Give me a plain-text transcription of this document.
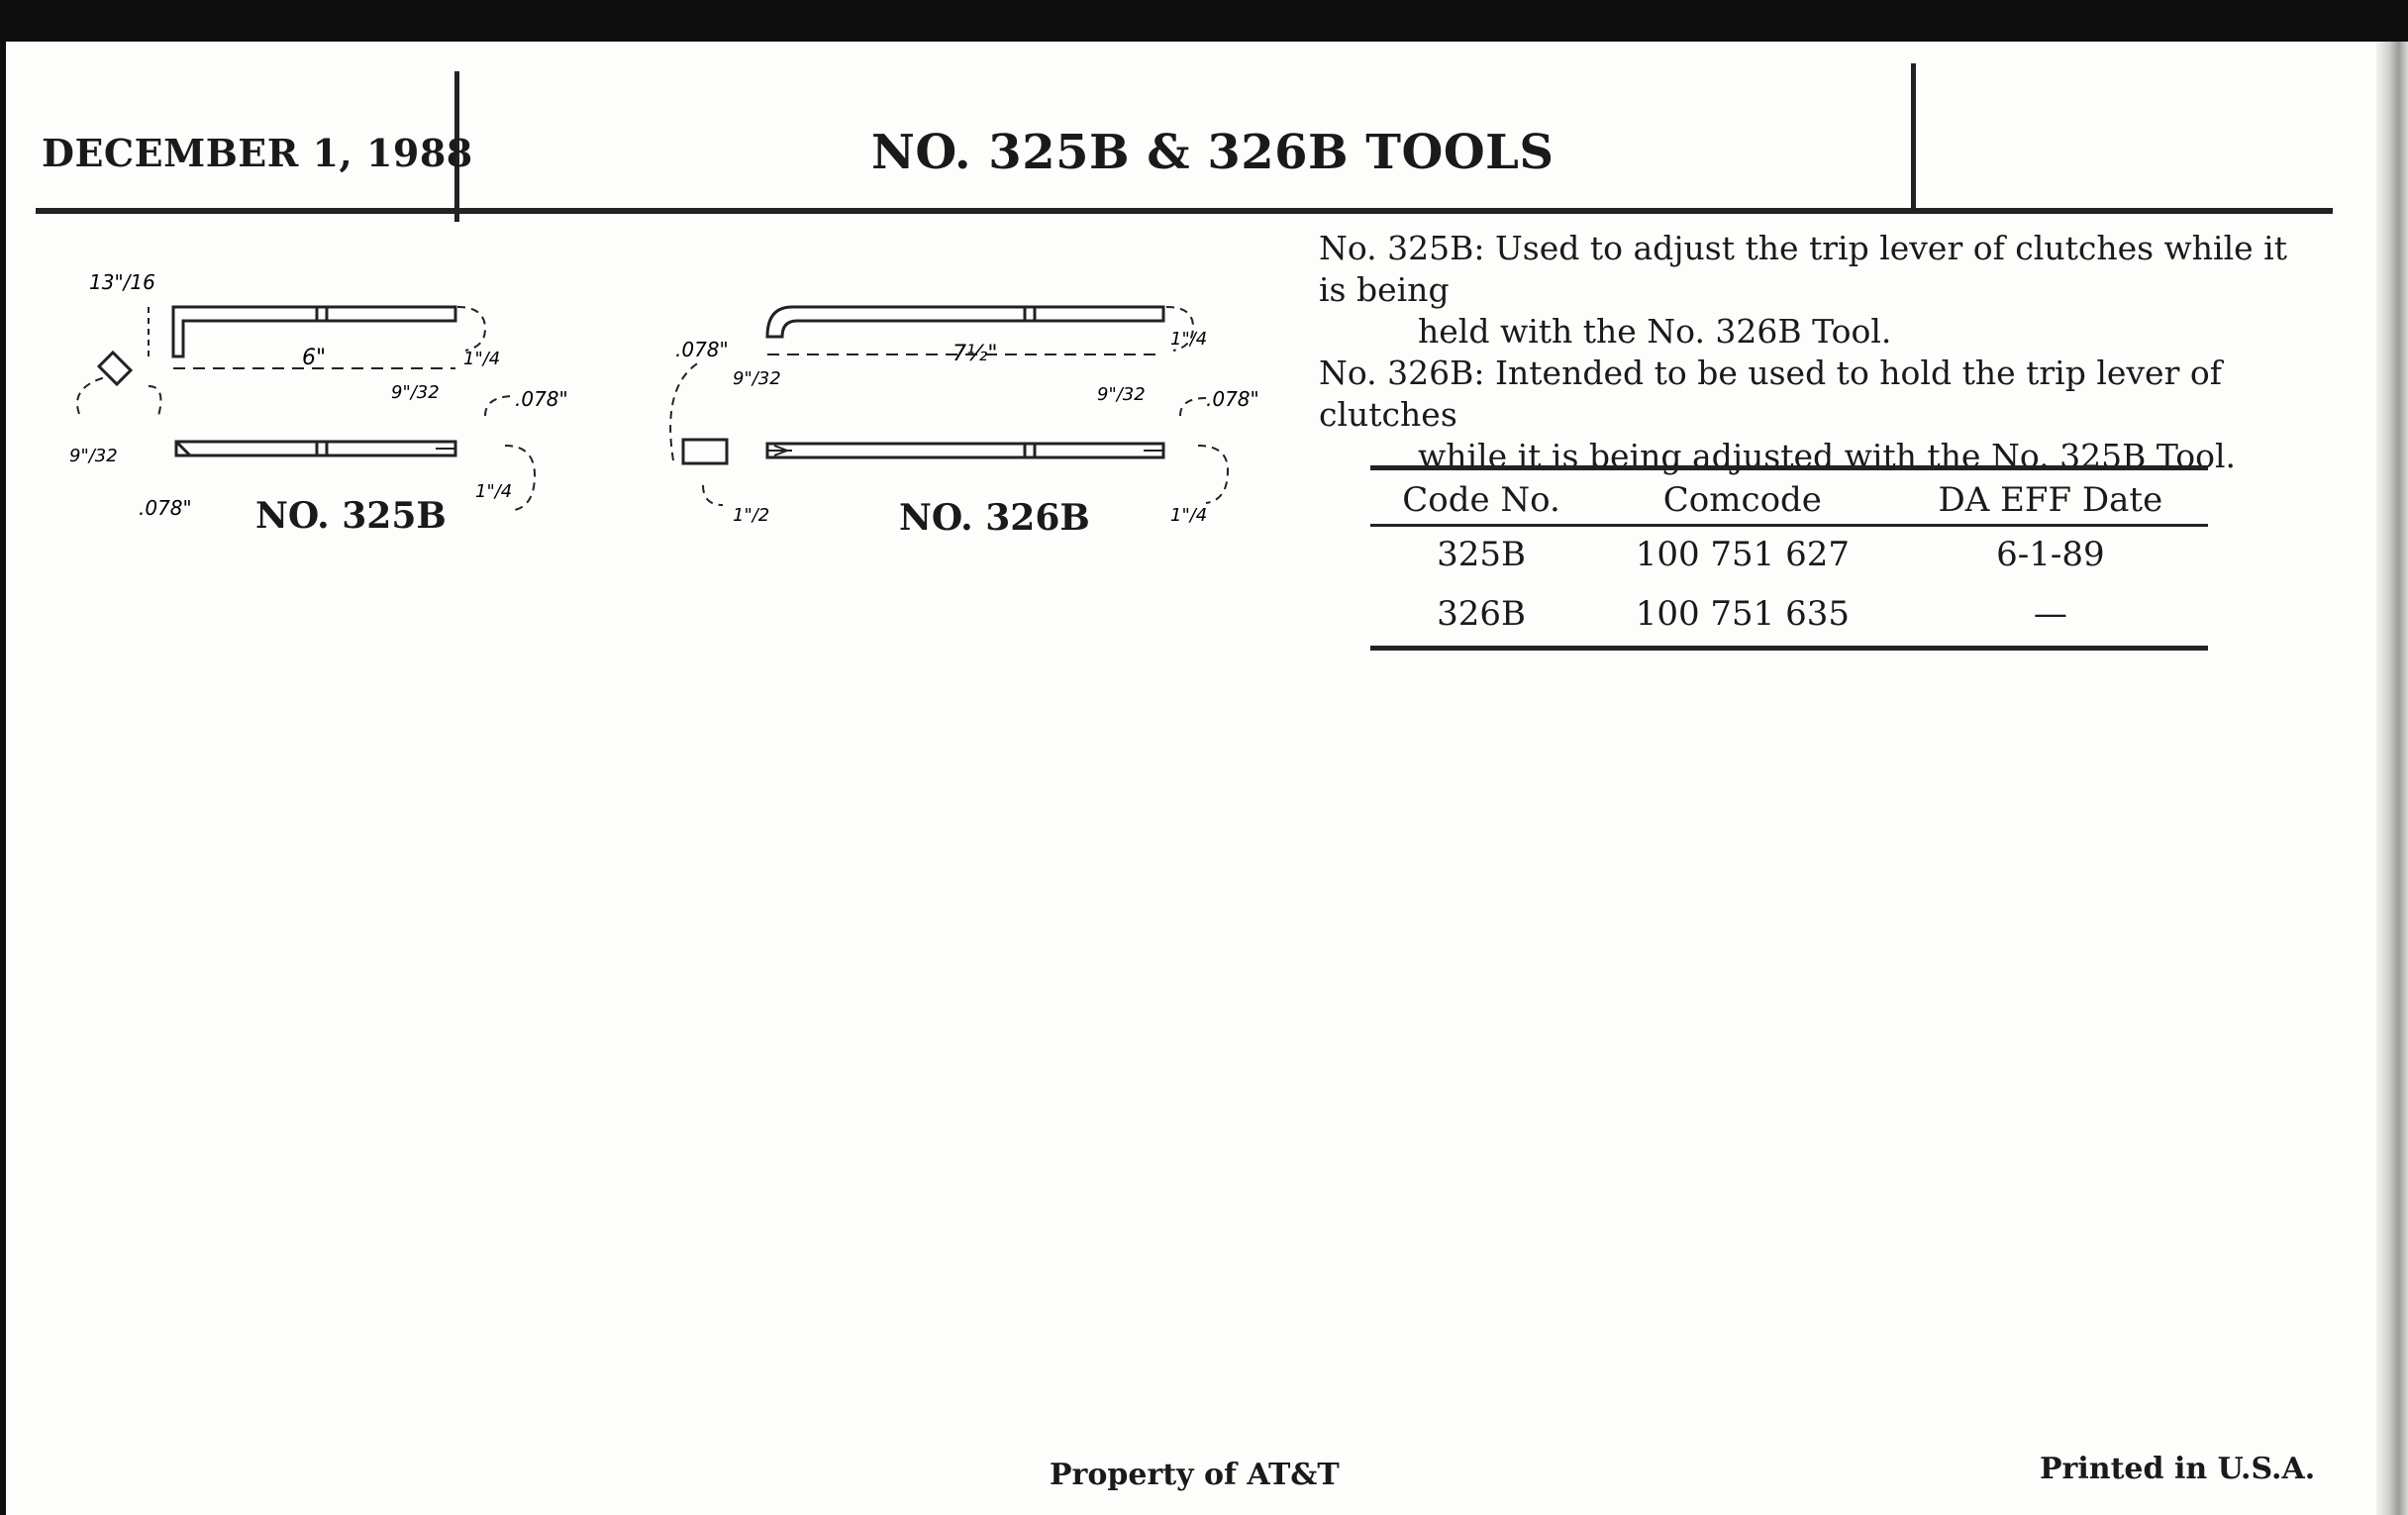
DECEMBER 1, 1988	NO. 325B & 326B TOOLS
No. 325B: Used to adjust the trip lever of clutches while it is being
held with the No. 326B Tool.
No. 326B: Intended to be used to hold the trip lever of clutches
while it is being adjusted with the No. 325B Tool.
13"/16
6"	1"/4
9"/32	.078"
1"/4
9"/32
.078" NO. 325B
.078"
9"/32
7½"
1"/4
9"/32	.078"
1"/2	1"/4
NO. 326B	Code No.	Comcode	DA EFF Date
325B	100 751 627	6-1-89
326B	100 751 635	—
Property of AT&T	Printed in U.S.A.
